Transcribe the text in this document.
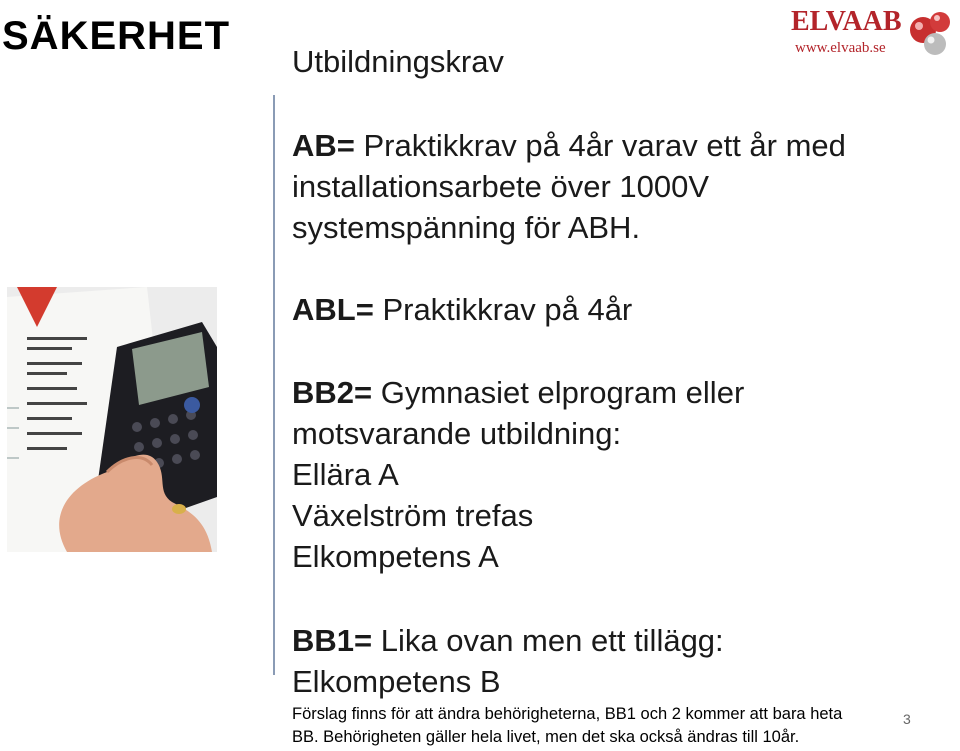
SÄKERHET	ELVAAB
www.elvaab.se
Utbildningskrav
AB= Praktikkrav på 4år varav ett år med
installationsarbete över 1000V
systemspänning för ABH.
ABL= Praktikkrav på 4år
BB2= Gymnasiet elprogram eller
motsvarande utbildning:
Ellära A
Växelström trefas
Elkompetens A
BB1= Lika ovan men ett tillägg:
Elkompetens B
Förslag finns för att ändra behörigheterna, BB1 och 2 kommer att bara heta
BB. Behörigheten gäller hela livet, men det ska också ändras till 10år.
3
